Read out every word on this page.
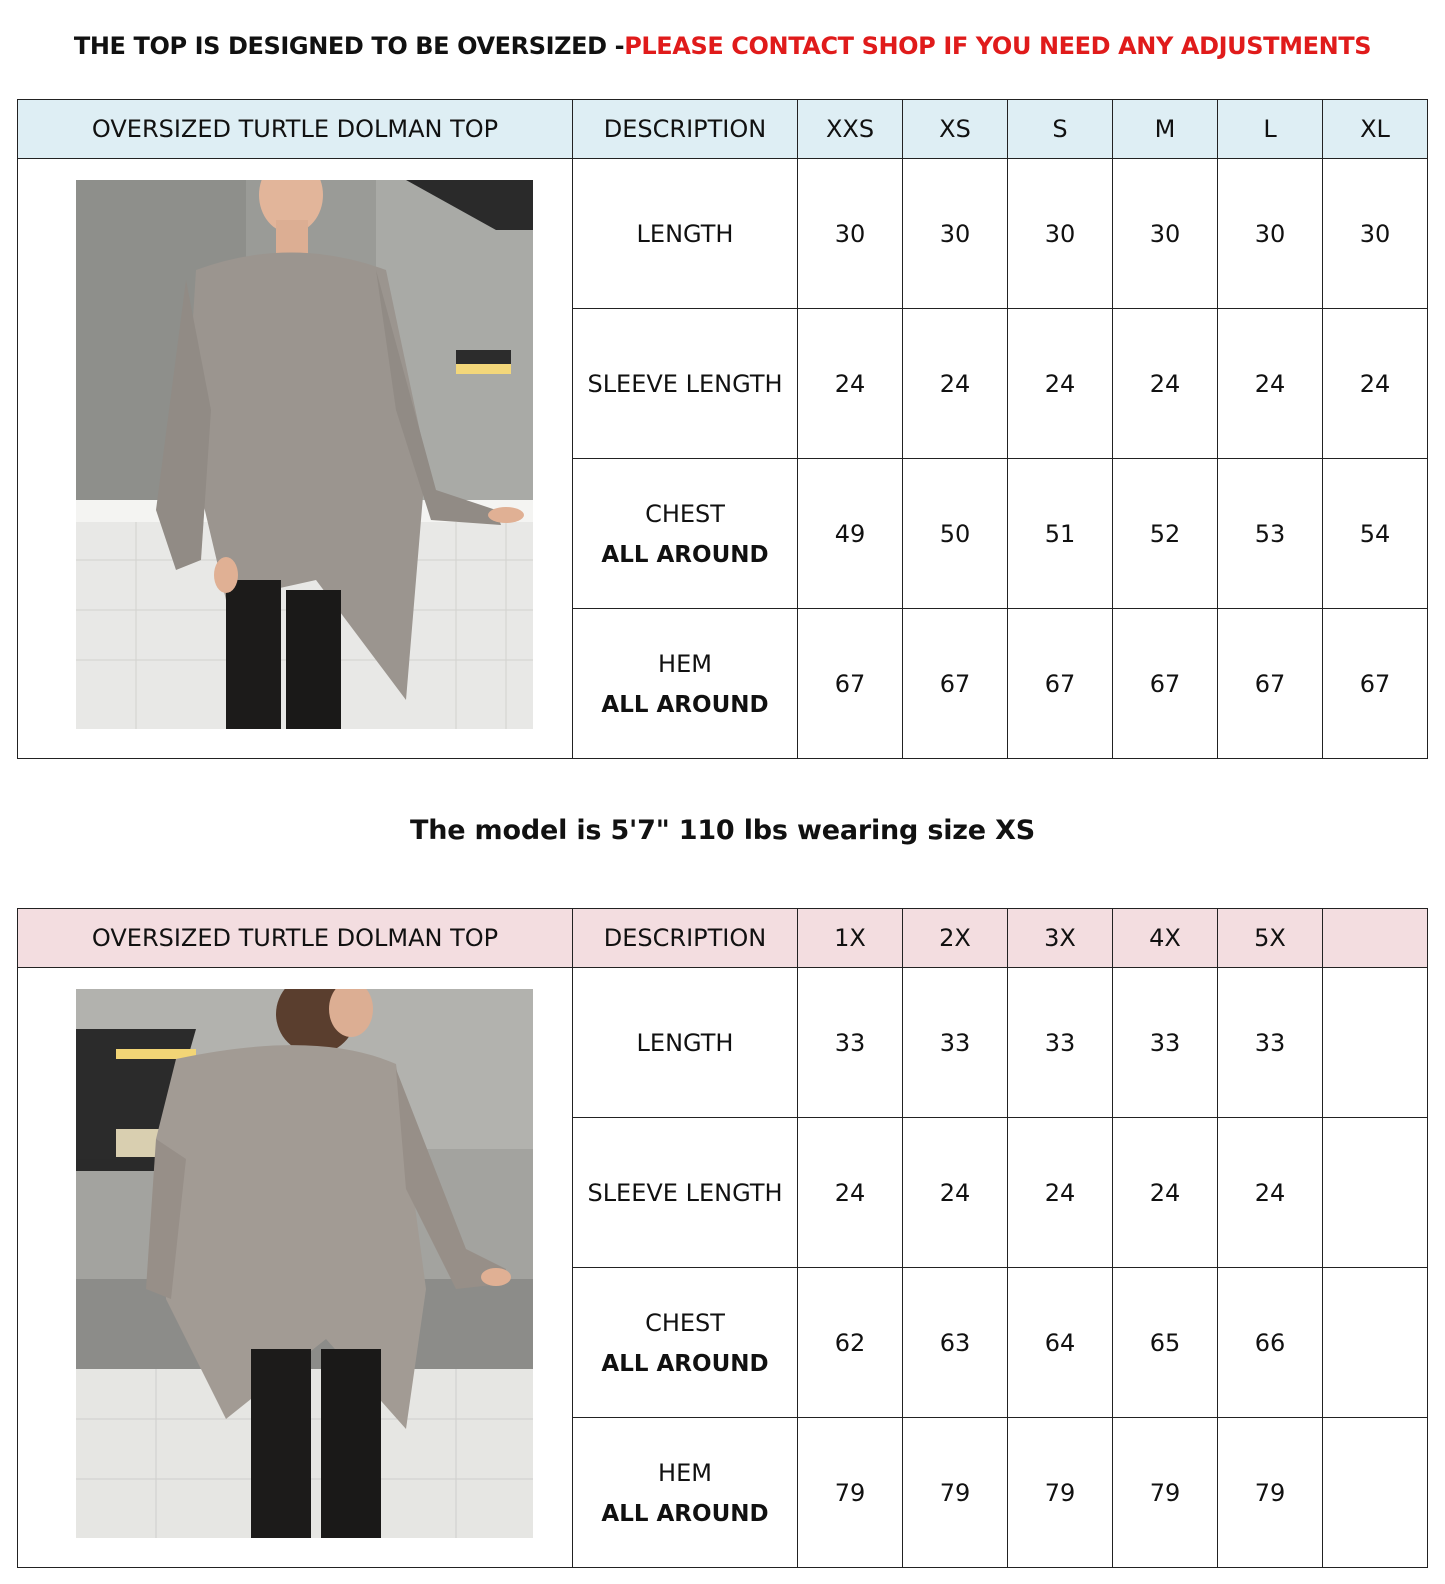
THE TOP IS DESIGNED TO BE OVERSIZED -PLEASE CONTACT SHOP IF YOU NEED ANY ADJUSTMENTS
OVERSIZED TURTLE DOLMAN TOP	DESCRIPTION	XXS	XS	S	M	L	XL

	LENGTH	30	30	30	30	30	30
	SLEEVE LENGTH	24	24	24	24	24	24
	CHEST
ALL AROUND	49	50	51	52	53	54
	HEM
ALL AROUND	67	67	67	67	67	67
The model is 5'7" 110 lbs wearing size XS
OVERSIZED TURTLE DOLMAN TOP	DESCRIPTION	1X	2X	3X	4X	5X	

	LENGTH	33	33	33	33	33	
	SLEEVE LENGTH	24	24	24	24	24	
	CHEST
ALL AROUND	62	63	64	65	66	
	HEM
ALL AROUND	79	79	79	79	79	
